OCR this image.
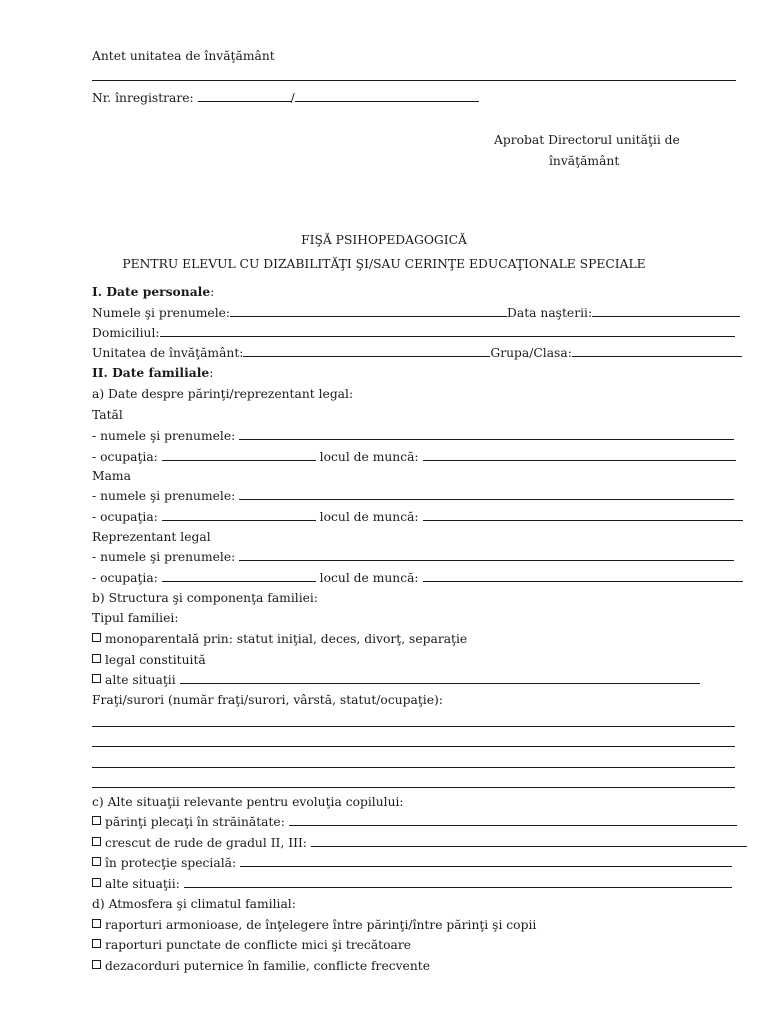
Antet unitatea de învăţământ
Nr. înregistrare:	/
Aprobat Directorul unităţii de
învăţământ
FIŞĂ PSIHOPEDAGOGICĂ
PENTRU ELEVUL CU DIZABILITĂŢI ŞI/SAU CERINŢE EDUCAŢIONALE SPECIALE
I. Date personale:
Numele şi prenumele:	Data naşterii:
Domiciliul:
Unitatea de învăţământ:	Grupa/Clasa:
II. Date familiale:
a) Date despre părinţi/reprezentant legal:
Tatăl
- numele şi prenumele:
- ocupaţia:	locul de muncă:
Mama
- numele şi prenumele:
- ocupaţia:	locul de muncă:
Reprezentant legal
- numele şi prenumele:
- ocupaţia:	locul de muncă:
b) Structura şi componenţa familiei:
Tipul familiei:
monoparentală prin: statut iniţial, deces, divorţ, separaţie
legal constituită
alte situaţii
Fraţi/surori (număr fraţi/surori, vârstă, statut/ocupaţie):
c) Alte situaţii relevante pentru evoluţia copilului:
părinţi plecaţi în străinătate:
crescut de rude de gradul II, III:
în protecţie specială:
alte situaţii:
d) Atmosfera şi climatul familial:
raporturi armonioase, de înţelegere între părinţi/între părinţi şi copii
raporturi punctate de conflicte mici şi trecătoare
dezacorduri puternice în familie, conflicte frecvente
